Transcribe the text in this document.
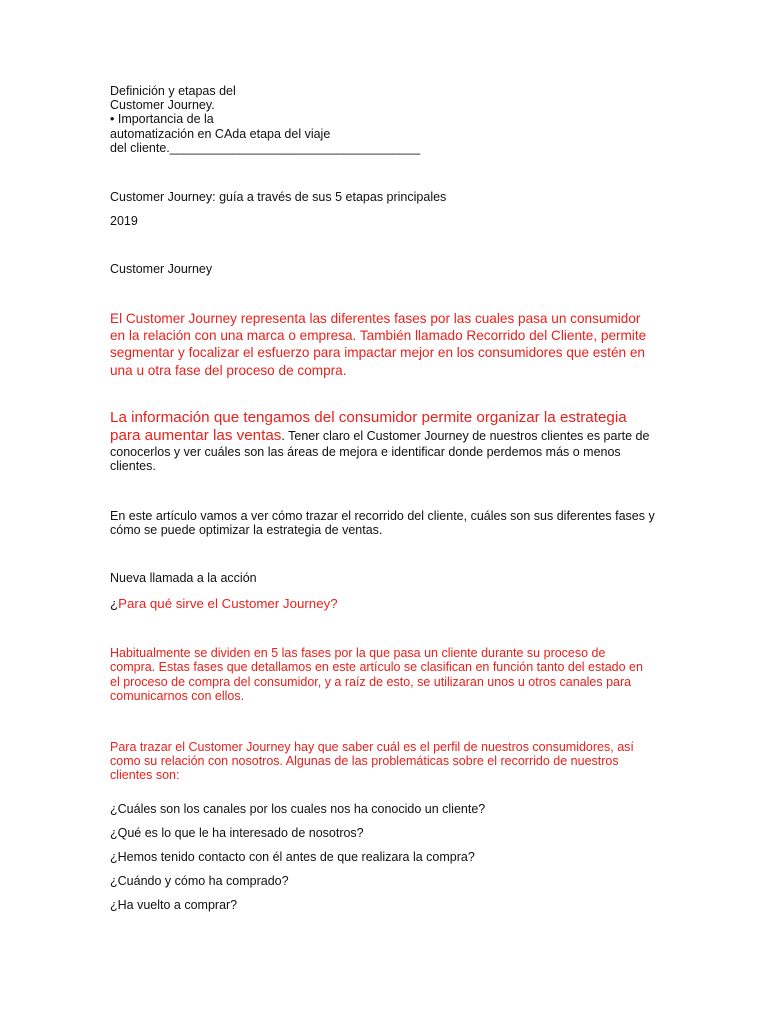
Definición y etapas del
Customer Journey.
• Importancia de la
automatización en CAda etapa del viaje
del cliente.____________________________________

Customer Journey: guía a través de sus 5 etapas principales

2019

Customer Journey

El Customer Journey representa las diferentes fases por las cuales pasa un consumidor en la relación con una marca o empresa. También llamado Recorrido del Cliente, permite segmentar y focalizar el esfuerzo para impactar mejor en los consumidores que estén en una u otra fase del proceso de compra.

La información que tengamos del consumidor permite organizar la estrategia para aumentar las ventas. Tener claro el Customer Journey de nuestros clientes es parte de conocerlos y ver cuáles son las áreas de mejora e identificar donde perdemos más o menos clientes.

En este artículo vamos a ver cómo trazar el recorrido del cliente, cuáles son sus diferentes fases y cómo se puede optimizar la estrategia de ventas.

Nueva llamada a la acción

¿Para qué sirve el Customer Journey?

Habitualmente se dividen en 5 las fases por la que pasa un cliente durante su proceso de compra. Estas fases que detallamos en este artículo se clasifican en función tanto del estado en el proceso de compra del consumidor, y a raíz de esto, se utilizaran unos u otros canales para comunicarnos con ellos.

Para trazar el Customer Journey hay que saber cuál es el perfil de nuestros consumidores, así como su relación con nosotros. Algunas de las problemáticas sobre el recorrido de nuestros clientes son:

¿Cuáles son los canales por los cuales nos ha conocido un cliente?

¿Qué es lo que le ha interesado de nosotros?

¿Hemos tenido contacto con él antes de que realizara la compra?

¿Cuándo y cómo ha comprado?

¿Ha vuelto a comprar?
